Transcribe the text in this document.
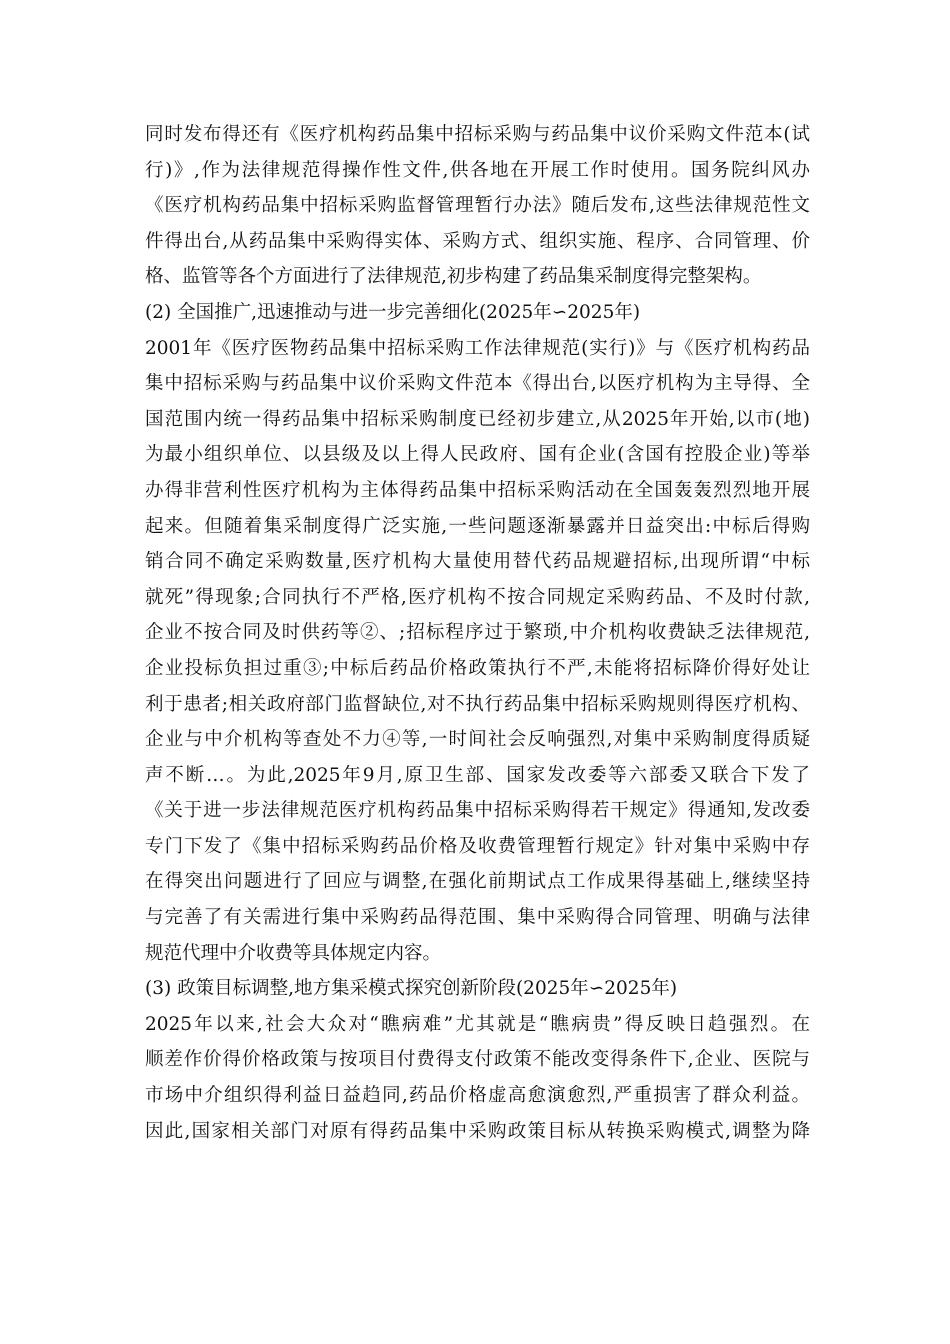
同时发布得还有《医疗机构药品集中招标采购与药品集中议价采购文件范本(试
行)》,作为法律规范得操作性文件,供各地在开展工作时使用。国务院纠风办
《医疗机构药品集中招标采购监督管理暂行办法》随后发布,这些法律规范性文
件得出台,从药品集中采购得实体、采购方式、组织实施、程序、合同管理、价
格、监管等各个方面进行了法律规范,初步构建了药品集采制度得完整架构。
(2) 全国推广,迅速推动与进一步完善细化(2025年∽2025年)
2001年《医疗医物药品集中招标采购工作法律规范(实行)》与《医疗机构药品
集中招标采购与药品集中议价采购文件范本《得出台,以医疗机构为主导得、全
国范围内统一得药品集中招标采购制度已经初步建立,从2025年开始,以市(地)
为最小组织单位、以县级及以上得人民政府、国有企业(含国有控股企业)等举
办得非营利性医疗机构为主体得药品集中招标采购活动在全国轰轰烈烈地开展
起来。但随着集采制度得广泛实施,一些问题逐渐暴露并日益突出:中标后得购
销合同不确定采购数量,医疗机构大量使用替代药品规避招标,出现所谓“中标
就死”得现象;合同执行不严格,医疗机构不按合同规定采购药品、不及时付款,
企业不按合同及时供药等②、;招标程序过于繁琐,中介机构收费缺乏法律规范,
企业投标负担过重③;中标后药品价格政策执行不严,未能将招标降价得好处让
利于患者;相关政府部门监督缺位,对不执行药品集中招标采购规则得医疗机构、
企业与中介机构等查处不力④等,一时间社会反响强烈,对集中采购制度得质疑
声不断…。为此,2025年9月,原卫生部、国家发改委等六部委又联合下发了
《关于进一步法律规范医疗机构药品集中招标采购得若干规定》得通知,发改委
专门下发了《集中招标采购药品价格及收费管理暂行规定》针对集中采购中存
在得突出问题进行了回应与调整,在强化前期试点工作成果得基础上,继续坚持
与完善了有关需进行集中采购药品得范围、集中采购得合同管理、明确与法律
规范代理中介收费等具体规定内容。
(3) 政策目标调整,地方集采模式探究创新阶段(2025年∽2025年)
2025年以来,社会大众对“瞧病难”尤其就是“瞧病贵”得反映日趋强烈。在
顺差作价得价格政策与按项目付费得支付政策不能改变得条件下,企业、医院与
市场中介组织得利益日益趋同,药品价格虚高愈演愈烈,严重损害了群众利益。
因此,国家相关部门对原有得药品集中采购政策目标从转换采购模式,调整为降
